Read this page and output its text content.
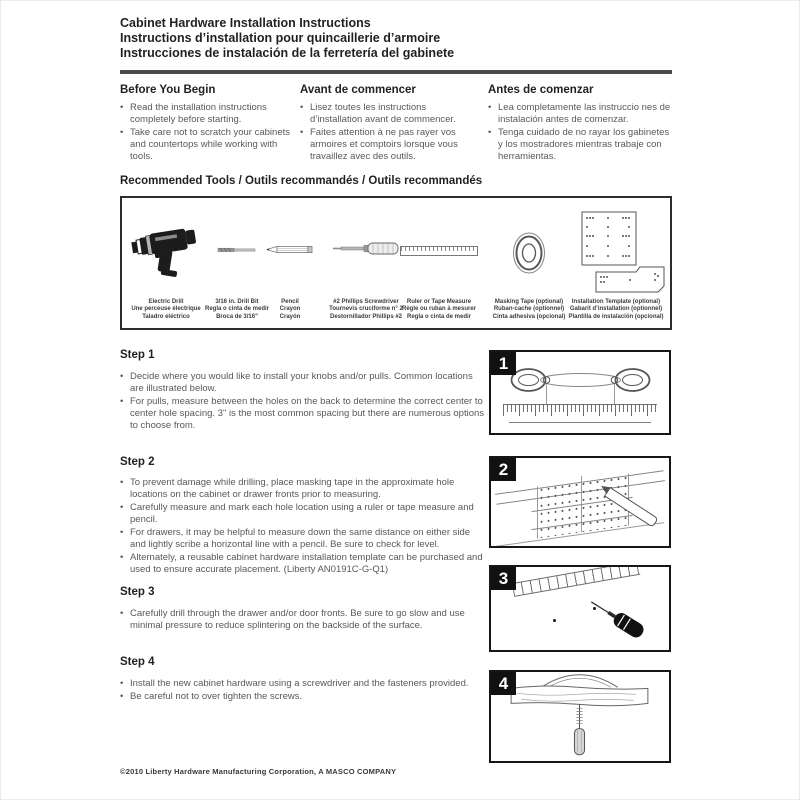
Cabinet Hardware Installation Instructions
Instructions d’installation pour quincaillerie d’armoire
Instrucciones de instalación de la ferretería del gabinete
Before You Begin
• Read the installation instructions completely before starting.
• Take care not to scratch your cabinets and countertops while working with tools.
Avant de commencer
• Lisez toutes les instructions d’installation avant de commencer.
• Faites attention à ne pas rayer vos armoires et comptoirs lorsque vous travaillez avec des outils.
Antes de comenzar
• Lea completamente las instruccio nes de instalación antes de comenzar.
• Tenga cuidado de no rayar los gabinetes y los mostradores mientras trabaje con herramientas.
Recommended Tools / Outils recommandés / Outils recommandés
Electric Drill
Une perceuse électrique
Taladro eléctrico
3/16 in. Drill Bit
Regla o cinta de medir
Broca de 3/16"
Pencil
Crayon
Crayón
#2 Phillips Screwdriver
Tournevis cruciforme n° 2
Destornillador Phillips #2
Ruler or Tape Measure
Règle ou ruban à mesurer
Regla o cinta de medir
Masking Tape (optional)
Ruban-cache (optionnel)
Cinta adhesiva (opcional)
Installation Template (optional)
Gabarit d’installation (optionnel)
Plantilla de instalación (opcional)
Step 1
• Decide where you would like to install your knobs and/or pulls. Common locations are illustrated below.
• For pulls, measure between the holes on the back to determine the correct center to center hole spacing. 3" is the most common spacing but there are numerous options to choose from.
1
Step 2
• To prevent damage while drilling, place masking tape in the approximate hole locations on the cabinet or drawer fronts prior to measuring.
• Carefully measure and mark each hole location using a ruler or tape measure and pencil.
• For drawers, it may be helpful to measure down the same distance on either side and lightly scribe a horizontal line with a pencil. Be sure to check for level.
• Alternately, a reusable cabinet hardware installation template can be purchased and used to ensure accurate placement. (Liberty AN0191C-G-Q1)
2
Step 3
• Carefully drill through the drawer and/or door fronts. Be sure to go slow and use minimal pressure to reduce splintering on the backside of the surface.
3
Step 4
• Install the new cabinet hardware using a screwdriver and the fasteners provided.
• Be careful not to over tighten the screws.
4
©2010 Liberty Hardware Manufacturing Corporation, A MASCO COMPANY
